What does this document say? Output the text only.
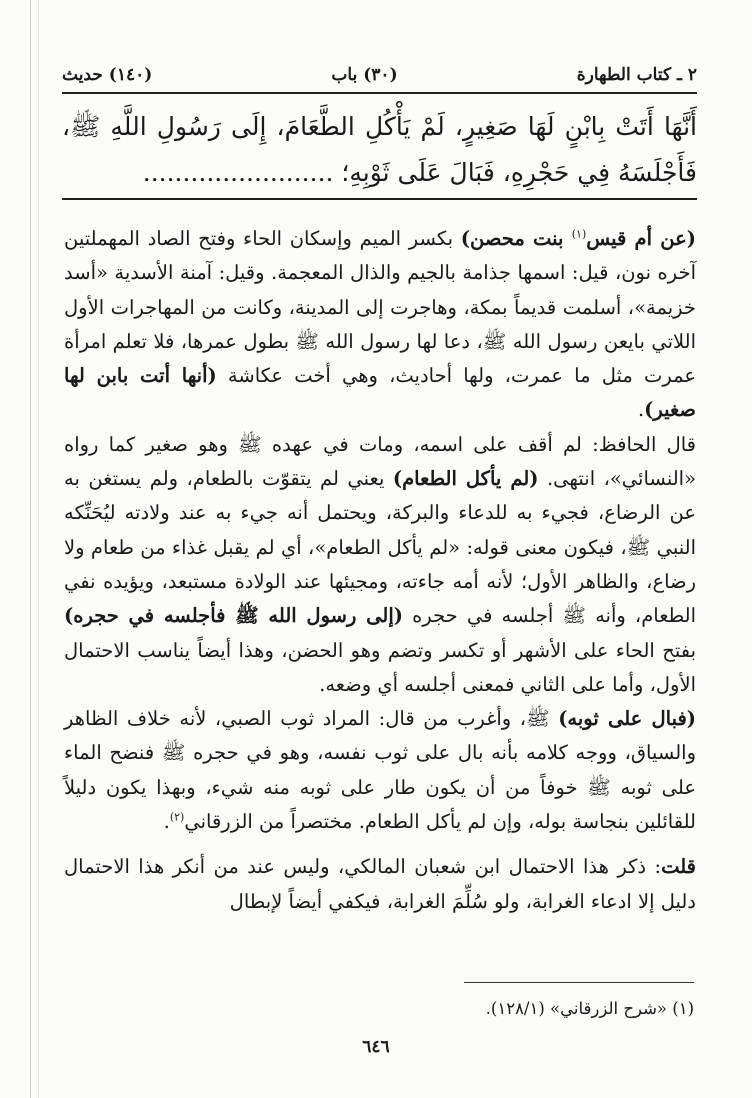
٢ ـ كتاب الطهارة
(٣٠) باب
(١٤٠) حديث
أَنَّهَا أَتَتْ بِابْنٍ لَهَا صَغِيرٍ، لَمْ يَأْكُلِ الطَّعَامَ، إِلَى رَسُولِ اللَّهِ ﷺ، فَأَجْلَسَهُ فِي حَجْرِهِ، فَبَالَ عَلَى ثَوْبِهِ؛ ........................

(عن أم قيس$^{(١)}$ بنت محصن) بكسر الميم وإسكان الحاء وفتح الصاد المهملتين آخره نون، قيل: اسمها جذامة بالجيم والذال المعجمة. وقيل: آمنة الأسدية «أسد خزيمة»، أسلمت قديماً بمكة، وهاجرت إلى المدينة، وكانت من المهاجرات الأول اللاتي بايعن رسول الله ﷺ، دعا لها رسول الله ﷺ بطول عمرها، فلا تعلم امرأة عمرت مثل ما عمرت، ولها أحاديث، وهي أخت عكاشة (أنها أتت بابن لها صغير).

قال الحافظ: لم أقف على اسمه، ومات في عهده ﷺ وهو صغير كما رواه «النسائي»، انتهى. (لم يأكل الطعام) يعني لم يتقوّت بالطعام، ولم يستغن به عن الرضاع، فجيء به للدعاء والبركة، ويحتمل أنه جيء به عند ولادته ليُحَنِّكه النبي ﷺ، فيكون معنى قوله: «لم يأكل الطعام»، أي لم يقبل غذاء من طعام ولا رضاع، والظاهر الأول؛ لأنه أمه جاءته، ومجيئها عند الولادة مستبعد، ويؤيده نفي الطعام، وأنه ﷺ أجلسه في حجره (إلى رسول الله ﷺ فأجلسه في حجره) بفتح الحاء على الأشهر أو تكسر وتضم وهو الحضن، وهذا أيضاً يناسب الاحتمال الأول، وأما على الثاني فمعنى أجلسه أي وضعه.

(فبال على ثوبه) ﷺ، وأغرب من قال: المراد ثوب الصبي، لأنه خلاف الظاهر والسياق، ووجه كلامه بأنه بال على ثوب نفسه، وهو في حجره ﷺ فنضح الماء على ثوبه ﷺ خوفاً من أن يكون طار على ثوبه منه شيء، وبهذا يكون دليلاً للقائلين بنجاسة بوله، وإن لم يأكل الطعام. مختصراً من الزرقاني$^{(٢)}$.

قلت: ذكر هذا الاحتمال ابن شعبان المالكي، وليس عند من أنكر هذا الاحتمال دليل إلا ادعاء الغرابة، ولو سُلِّمَ الغرابة، فيكفي أيضاً لإبطال

(١) «شرح الزرقاني» (١٢٨/١).
٦٤٦
